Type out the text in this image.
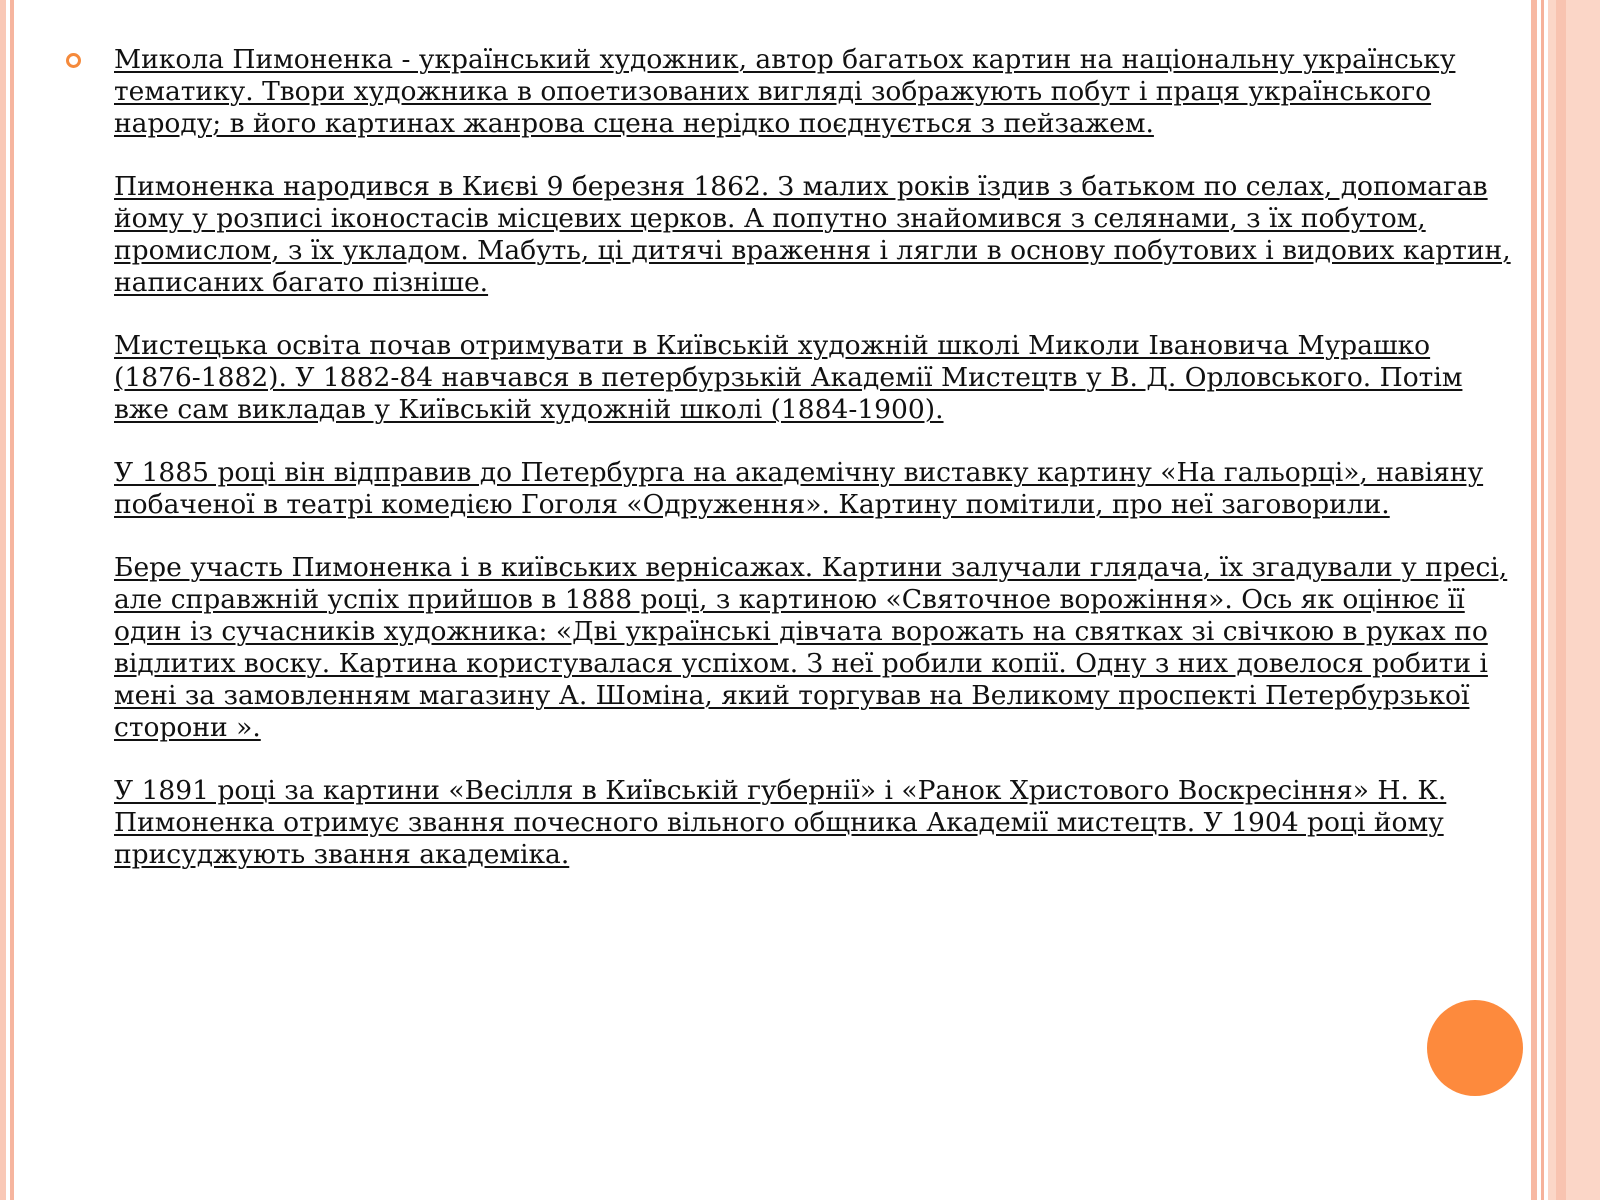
Микола Пимоненка - український художник, автор багатьох картин на національну українську тематику. Твори художника в опоетизованих вигляді зображують побут і праця українського народу; в його картинах жанрова сцена нерідко поєднується з пейзажем.

Пимоненка народився в Києві 9 березня 1862. З малих років їздив з батьком по селах, допомагав йому у розписі іконостасів місцевих церков. А попутно знайомився з селянами, з їх побутом, промислом, з їх укладом. Мабуть, ці дитячі враження і лягли в основу побутових і видових картин, написаних багато пізніше.

Мистецька освіта почав отримувати в Київській художній школі Миколи Івановича Мурашко (1876-1882). У 1882-84 навчався в петербурзькій Академії Мистецтв у В. Д. Орловського. Потім вже сам викладав у Київській художній школі (1884-1900).

У 1885 році він відправив до Петербурга на академічну виставку картину «На гальорці», навіяну побаченої в театрі комедією Гоголя «Одруження». Картину помітили, про неї заговорили.

Бере участь Пимоненка і в київських вернісажах. Картини залучали глядача, їх згадували у пресі, але справжній успіх прийшов в 1888 році, з картиною «Святочное ворожіння». Ось як оцінює її один із сучасників художника: «Дві українські дівчата ворожать на святках зі свічкою в руках по відлитих воску. Картина користувалася успіхом. З неї робили копії. Одну з них довелося робити і мені за замовленням магазину А. Шоміна, який торгував на Великому проспекті Петербурзької сторони ».

У 1891 році за картини «Весілля в Київській губернії» і «Ранок Христового Воскресіння» Н. К. Пимоненка отримує звання почесного вільного общника Академії мистецтв. У 1904 році йому присуджують звання академіка.
